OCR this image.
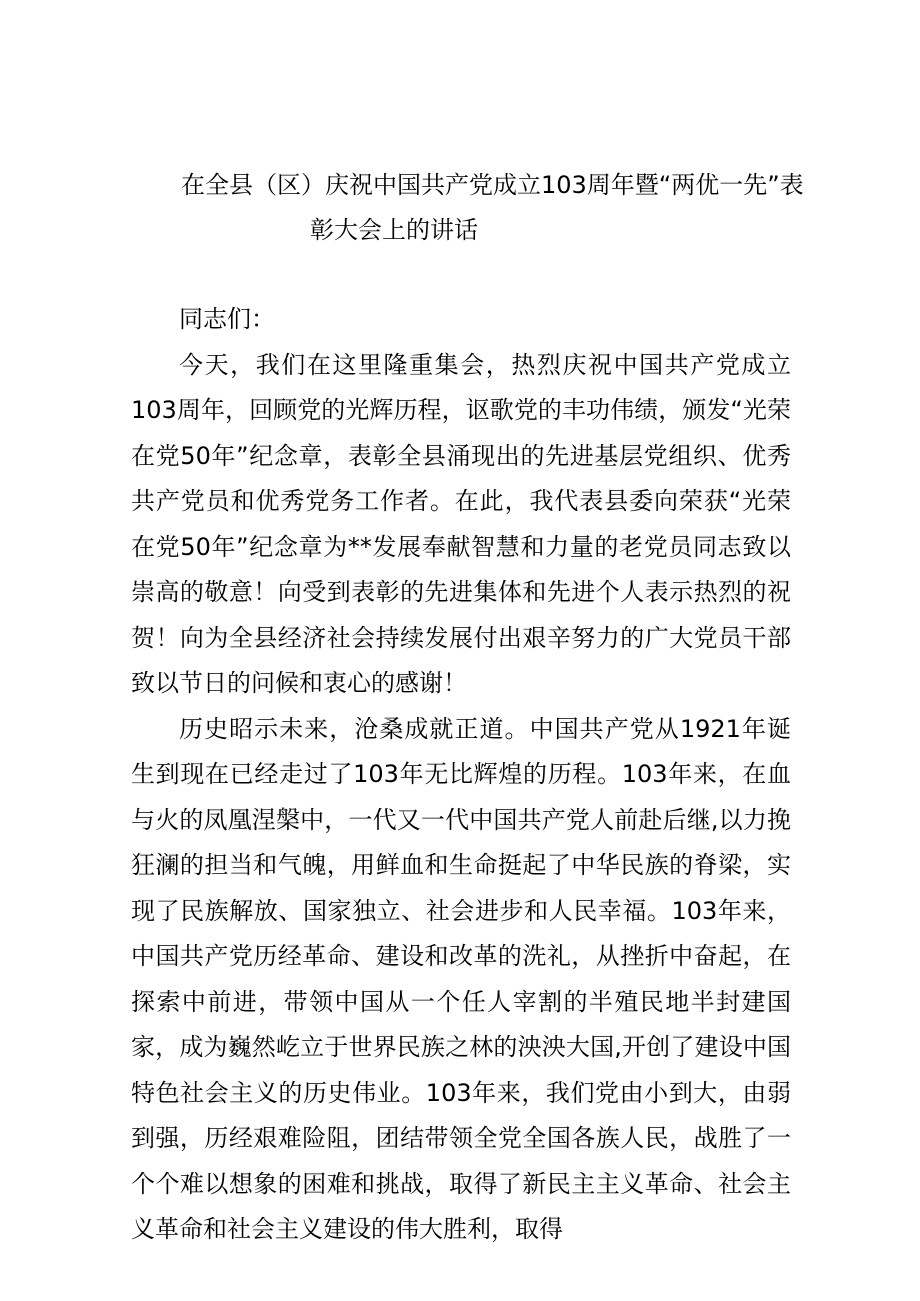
在全县（区）庆祝中国共产党成立103周年暨“两优一先”表
彰大会上的讲话

同志们：

今天，我们在这里隆重集会，热烈庆祝中国共产党成立103周年，回顾党的光辉历程，讴歌党的丰功伟绩，颁发“光荣在党50年”纪念章，表彰全县涌现出的先进基层党组织、优秀共产党员和优秀党务工作者。在此，我代表县委向荣获“光荣在党50年”纪念章为**发展奉献智慧和力量的老党员同志致以崇高的敬意！向受到表彰的先进集体和先进个人表示热烈的祝贺！向为全县经济社会持续发展付出艰辛努力的广大党员干部致以节日的问候和衷心的感谢！

历史昭示未来，沧桑成就正道。中国共产党从1921年诞生到现在已经走过了103年无比辉煌的历程。103年来，在血与火的凤凰涅槃中，一代又一代中国共产党人前赴后继,以力挽狂澜的担当和气魄，用鲜血和生命挺起了中华民族的脊梁，实现了民族解放、国家独立、社会进步和人民幸福。103年来，中国共产党历经革命、建设和改革的洗礼，从挫折中奋起，在探索中前进，带领中国从一个任人宰割的半殖民地半封建国家，成为巍然屹立于世界民族之林的泱泱大国,开创了建设中国特色社会主义的历史伟业。103年来，我们党由小到大，由弱到强，历经艰难险阻，团结带领全党全国各族人民，战胜了一个个难以想象的困难和挑战，取得了新民主主义革命、社会主义革命和社会主义建设的伟大胜利，取得
